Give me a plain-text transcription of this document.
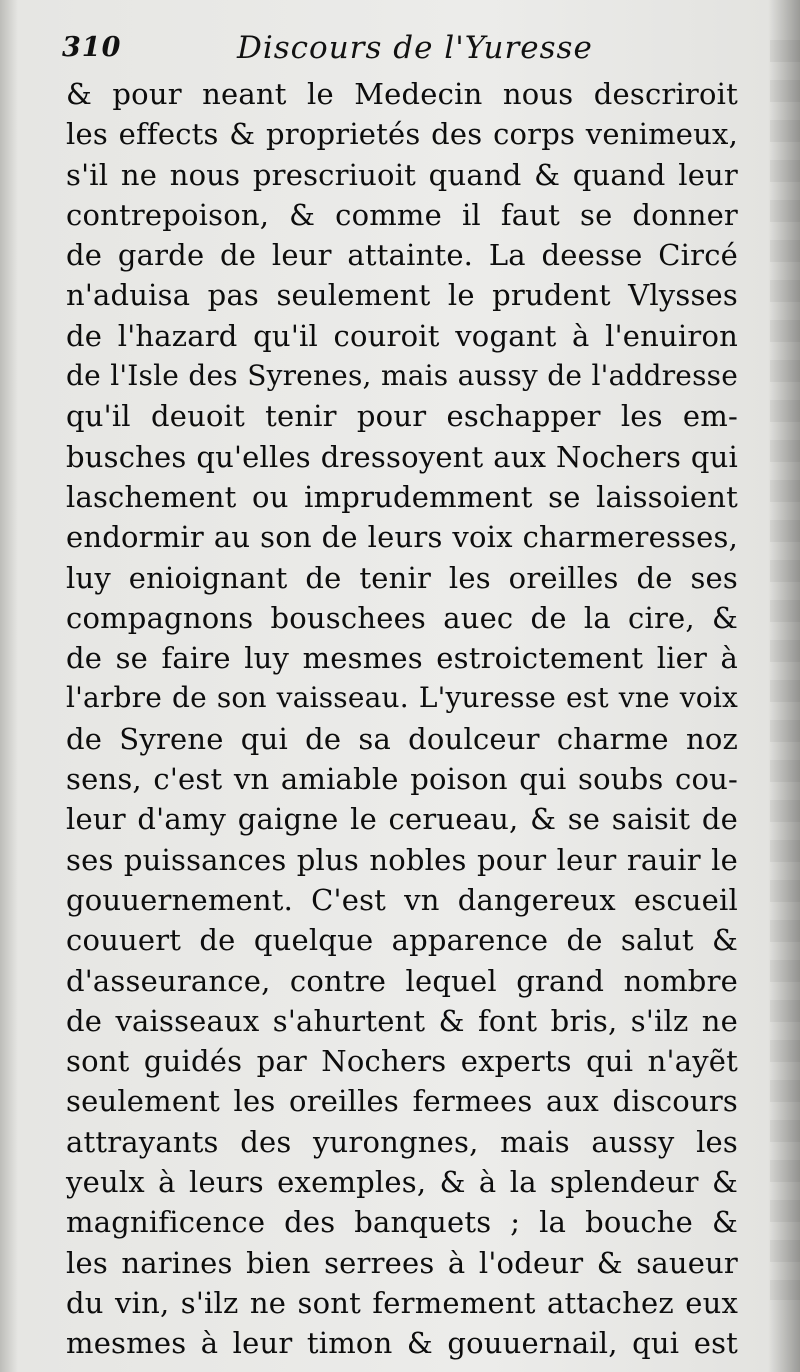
310	Discours de l'Yuresse
& pour neant le Medecin nous descriroit
les effects & proprietés des corps venimeux,
s'il ne nous prescriuoit quand & quand leur
contrepoison, & comme il faut se donner
de garde de leur attainte. La deesse Circé
n'aduisa pas seulement le prudent Vlysses
de l'hazard qu'il couroit vogant à l'enuiron
de l'Isle des Syrenes, mais aussy de l'addresse
qu'il deuoit tenir pour eschapper les em-
busches qu'elles dressoyent aux Nochers qui
laschement ou imprudemment se laissoient
endormir au son de leurs voix charmeresses,
luy enioignant de tenir les oreilles de ses
compagnons bouschees auec de la cire, &
de se faire luy mesmes estroictement lier à
l'arbre de son vaisseau. L'yuresse est vne voix
de Syrene qui de sa doulceur charme noz
sens, c'est vn amiable poison qui soubs cou-
leur d'amy gaigne le cerueau, & se saisit de
ses puissances plus nobles pour leur rauir le
gouuernement. C'est vn dangereux escueil
couuert de quelque apparence de salut &
d'asseurance, contre lequel grand nombre
de vaisseaux s'ahurtent & font bris, s'ilz ne
sont guidés par Nochers experts qui n'ayẽt
seulement les oreilles fermees aux discours
attrayants des yurongnes, mais aussy les
yeulx à leurs exemples, & à la splendeur &
magnificence des banquets ; la bouche &
les narines bien serrees à l'odeur & saueur
du vin, s'ilz ne sont fermement attachez eux
mesmes à leur timon & gouuernail, qui est
